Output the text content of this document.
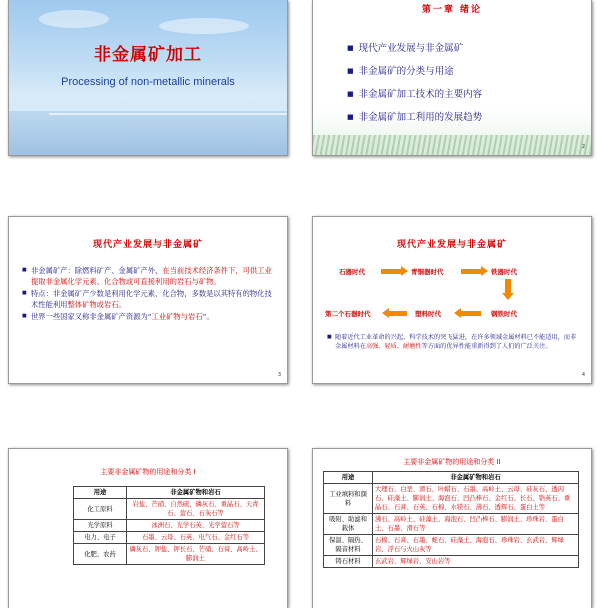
非金属矿加工
Processing of non-metallic minerals
第一章 绪论
■ 现代产业发展与非金属矿
■ 非金属矿的分类与用途
■ 非金属矿加工技术的主要内容
■ 非金属矿加工利用的发展趋势
2
现代产业发展与非金属矿
■ 非金属矿产：除燃料矿产、金属矿产外，在当前技术经济条件下，可供工业提取非金属化学元素、化合物或可直接利用的岩石与矿物。
■ 特点：非金属矿产少数是利用化学元素、化合物，多数是以其特有的物化技术性能利用整体矿物或岩石。
■ 世界一些国家又称非金属矿产资源为“工业矿物与岩石”。
3
现代产业发展与非金属矿
石器时代	青铜器时代	铁器时代
钢铁时代
塑料时代
第二个石器时代
■ 随着近代工业革命的兴起、科学技术的突飞猛进，在许多领域金属材料已不能适用，而非金属材料在高强、轻质、耐磨性等方面的优异性能重新得到了人们的广泛关注。
4
主要非金属矿物的用途和分类 I
用途	非金属矿物和岩石
化工原料	岩盐、芒硝、自然硫、磷灰石、重晶石、天青石、萤石、石灰石等
光学原料	冰洲石、光学石英、光学萤石等
电力、电子	石墨、云母、石英、电气石、金红石等
化肥、农药	磷灰石、钾盐、钾长石、芒硝、石膏、高岭土、膨润土
主要非金属矿物的用途和分类 II
用途	非金属矿物和岩石
工业填料和颜料	大理石、白垩、滑石、叶蜡石、石墨、高岭土、云母、硅灰石、透闪石、硅藻土、膨润土、海泡石、凹凸棒石、金红石、长石、锆英石、重晶石、石膏、石英、石棉、水镁石、沸石、透辉石、蛋白土等
吸附、助滤和载体	沸石、高岭土、硅藻土、海泡石、凹凸棒石、膨润土、珍珠岩、蛋白土、石墨、滑石等
保温、隔热、隔音材料	石棉、石膏、石墨、蛭石、硅藻土、海泡石、珍珠岩、玄武岩、辉绿岩、浮石与火山灰等
铸石材料	玄武岩、辉绿岩、安山岩等
